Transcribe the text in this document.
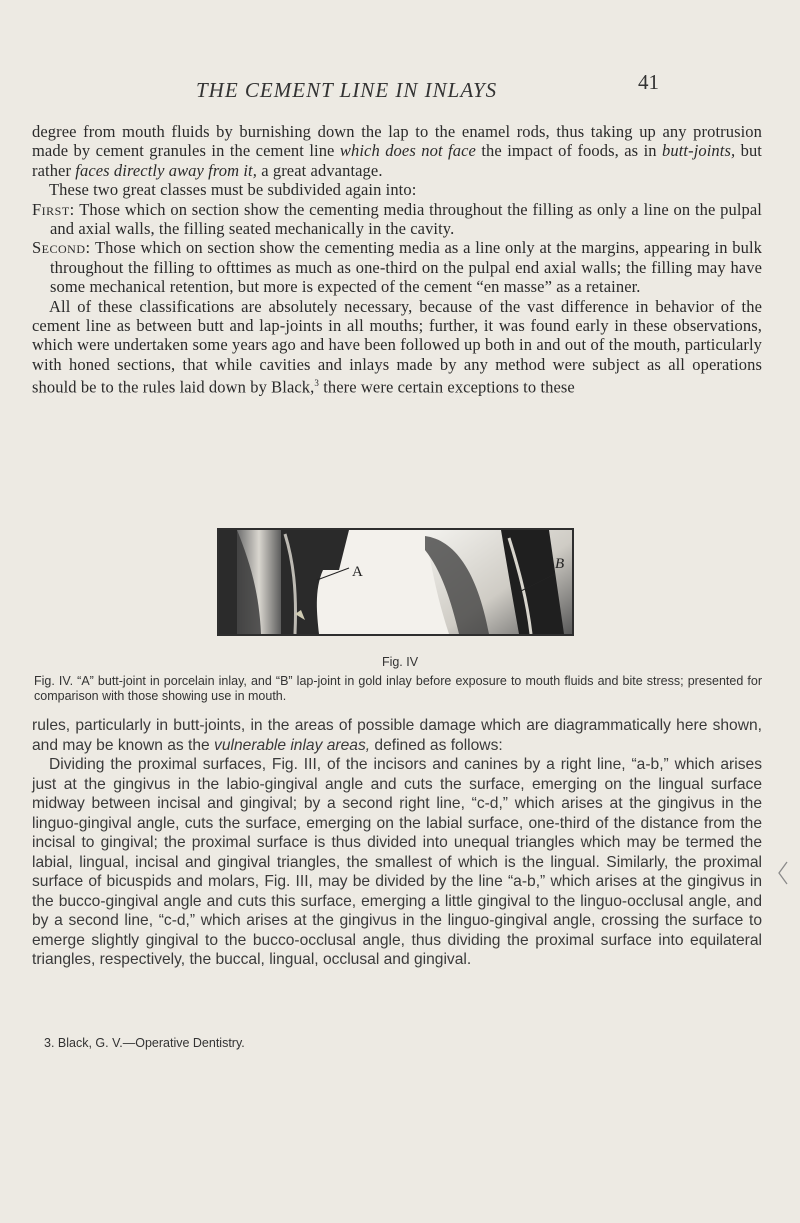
THE CEMENT LINE IN INLAYS	41

degree from mouth fluids by burnishing down the lap to the enamel rods, thus taking up any protrusion made by cement granules in the cement line which does not face the impact of foods, as in butt-joints, but rather faces directly away from it, a great advantage.

These two great classes must be subdivided again into:

First: Those which on section show the cementing media throughout the filling as only a line on the pulpal and axial walls, the filling seated mechanically in the cavity.

Second: Those which on section show the cementing media as a line only at the margins, appearing in bulk throughout the filling to ofttimes as much as one-third on the pulpal end axial walls; the filling may have some mechanical retention, but more is expected of the cement “en masse” as a retainer.

All of these classifications are absolutely necessary, because of the vast difference in behavior of the cement line as between butt and lap-joints in all mouths; further, it was found early in these observations, which were undertaken some years ago and have been followed up both in and out of the mouth, particularly with honed sections, that while cavities and inlays made by any method were subject as all operations should be to the rules laid down by Black,$^3$ there were certain exceptions to these

A	B
Fig. IV
Fig. IV. “A” butt-joint in porcelain inlay, and “B” lap-joint in gold inlay before exposure to mouth fluids and bite stress; presented for comparison with those showing use in mouth.

rules, particularly in butt-joints, in the areas of possible damage which are diagrammatically here shown, and may be known as the vulnerable inlay areas, defined as follows:

Dividing the proximal surfaces, Fig. III, of the incisors and canines by a right line, “a-b,” which arises just at the gingivus in the labio-gingival angle and cuts the surface, emerging on the lingual surface midway between incisal and gingival; by a second right line, “c-d,” which arises at the gingivus in the linguo-gingival angle, cuts the surface, emerging on the labial surface, one-third of the distance from the incisal to gingival; the proximal surface is thus divided into unequal triangles which may be termed the labial, lingual, incisal and gingival triangles, the smallest of which is the lingual. Similarly, the proximal surface of bicuspids and molars, Fig. III, may be divided by the line “a-b,” which arises at the gingivus in the bucco-gingival angle and cuts this surface, emerging a little gingival to the linguo-occlusal angle, and by a second line, “c-d,” which arises at the gingivus in the linguo-gingival angle, crossing the surface to emerge slightly gingival to the bucco-occlusal angle, thus dividing the proximal surface into equilateral triangles, respectively, the buccal, lingual, occlusal and gingival.

3. Black, G. V.—Operative Dentistry.
